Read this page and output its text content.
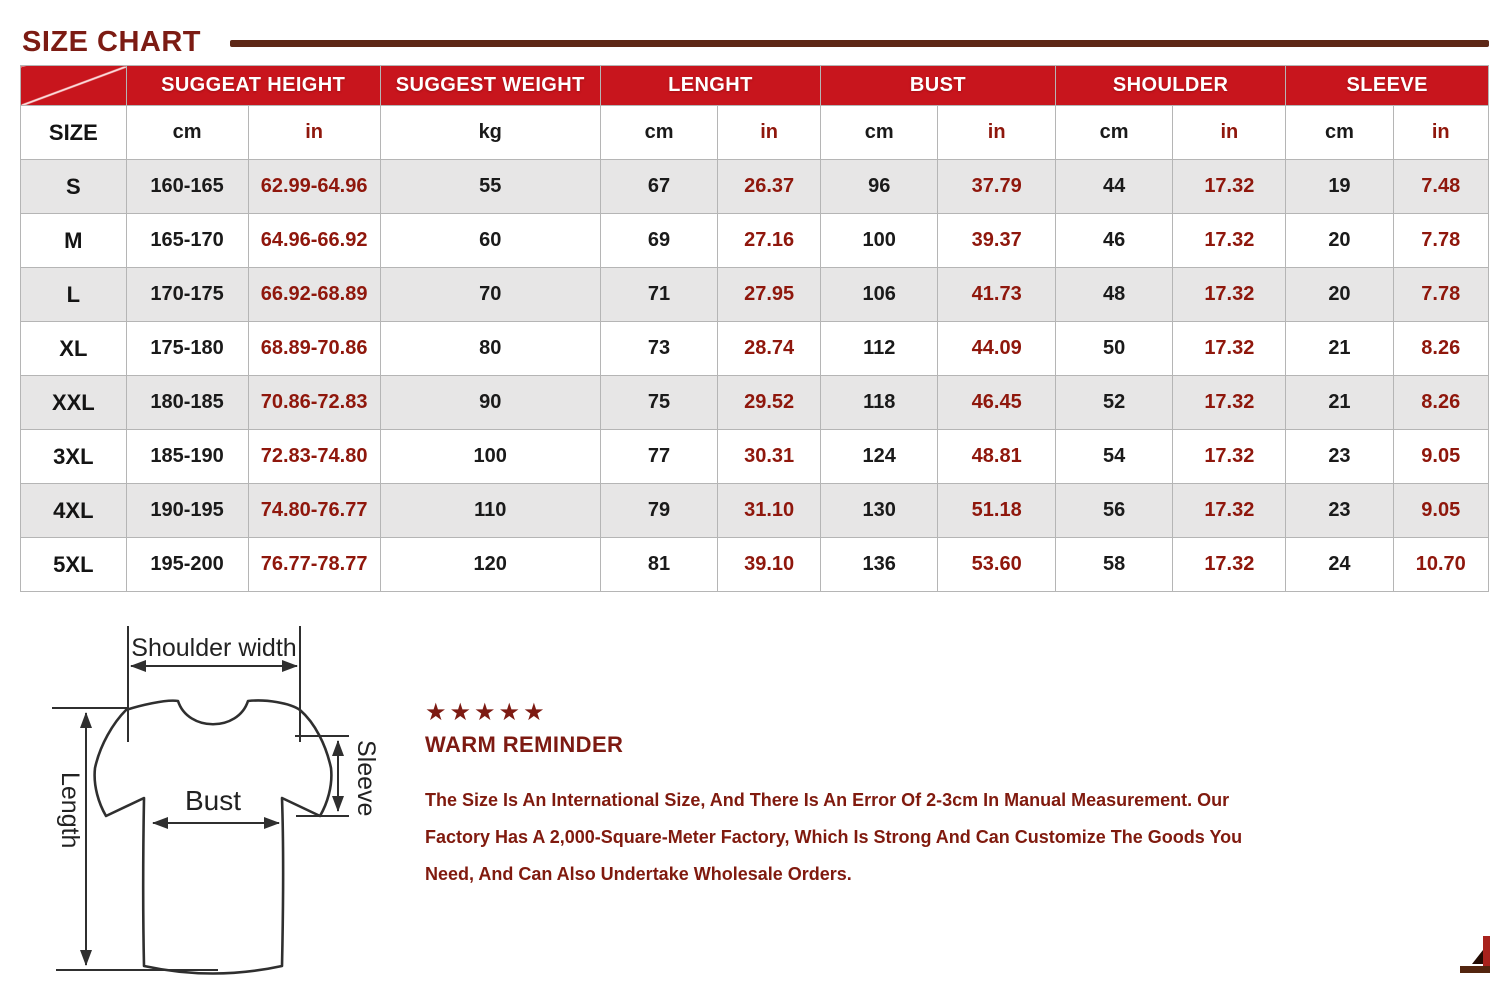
SIZE CHART
	SUGGEAT HEIGHT		SUGGEST WEIGHT	LENGHT		BUST		SHOULDER		SLEEVE	
SIZE	cm	in	kg	cm	in	cm	in	cm	in	cm	in
S	160-165	62.99-64.96	55	67	26.37	96	37.79	44	17.32	19	7.48
M	165-170	64.96-66.92	60	69	27.16	100	39.37	46	17.32	20	7.78
L	170-175	66.92-68.89	70	71	27.95	106	41.73	48	17.32	20	7.78
XL	175-180	68.89-70.86	80	73	28.74	112	44.09	50	17.32	21	8.26
XXL	180-185	70.86-72.83	90	75	29.52	118	46.45	52	17.32	21	8.26
3XL	185-190	72.83-74.80	100	77	30.31	124	48.81	54	17.32	23	9.05
4XL	190-195	74.80-76.77	110	79	31.10	130	51.18	56	17.32	23	9.05
5XL	195-200	76.77-78.77	120	81	39.10	136	53.60	58	17.32	24	10.70
Shoulder width
Length	Sleeve
Bust
★★★★★
WARM REMINDER
The Size Is An International Size, And There Is An Error Of 2-3cm In Manual Measurement. Our
Factory Has A 2,000-Square-Meter Factory, Which Is Strong And Can Customize The Goods You
Need, And Can Also Undertake Wholesale Orders.
